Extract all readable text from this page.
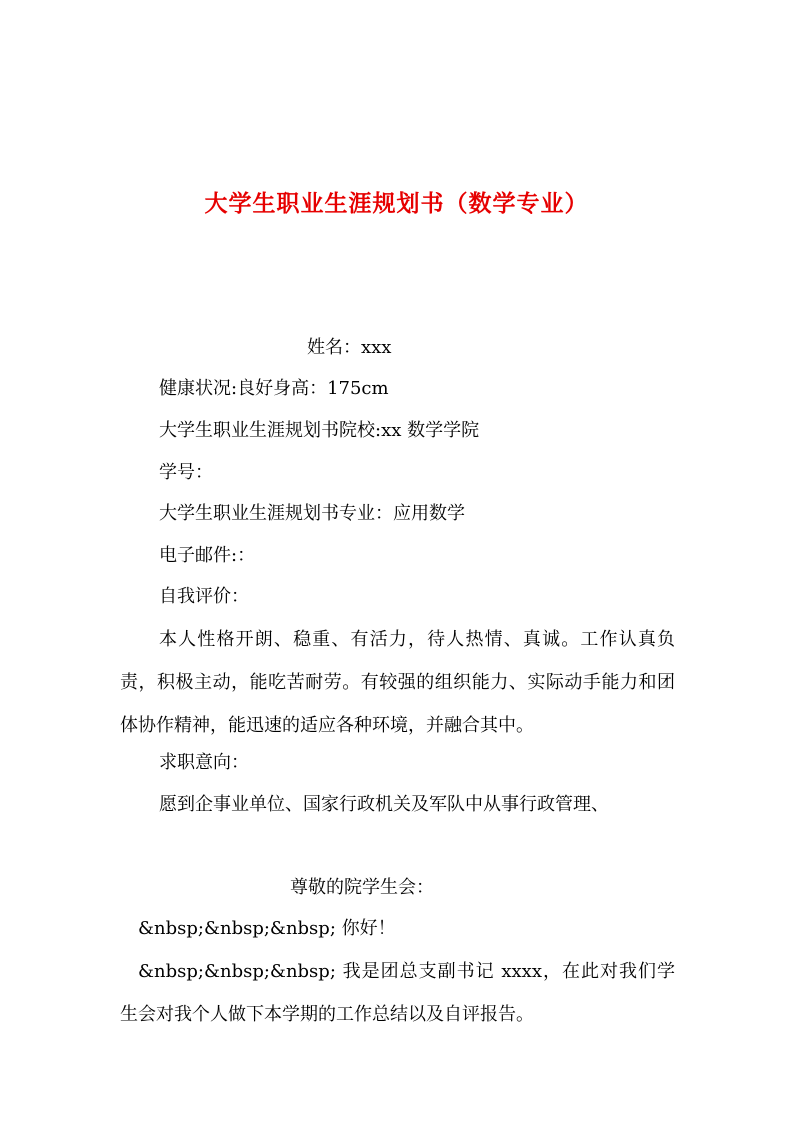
大学生职业生涯规划书（数学专业）
姓名：xxx
健康状况:良好身高：175cm
大学生职业生涯规划书院校:xx 数学学院
学号：
大学生职业生涯规划书专业：应用数学
电子邮件:：
自我评价：
本人性格开朗、稳重、有活力，待人热情、真诚。工作认真负责，积极主动，能吃苦耐劳。有较强的组织能力、实际动手能力和团体协作精神，能迅速的适应各种环境，并融合其中。
求职意向：
愿到企事业单位、国家行政机关及军队中从事行政管理、
尊敬的院学生会：
&nbsp;&nbsp;&nbsp; 你好！
&nbsp;&nbsp;&nbsp; 我是团总支副书记 xxxx，在此对我们学生会对我个人做下本学期的工作总结以及自评报告。
